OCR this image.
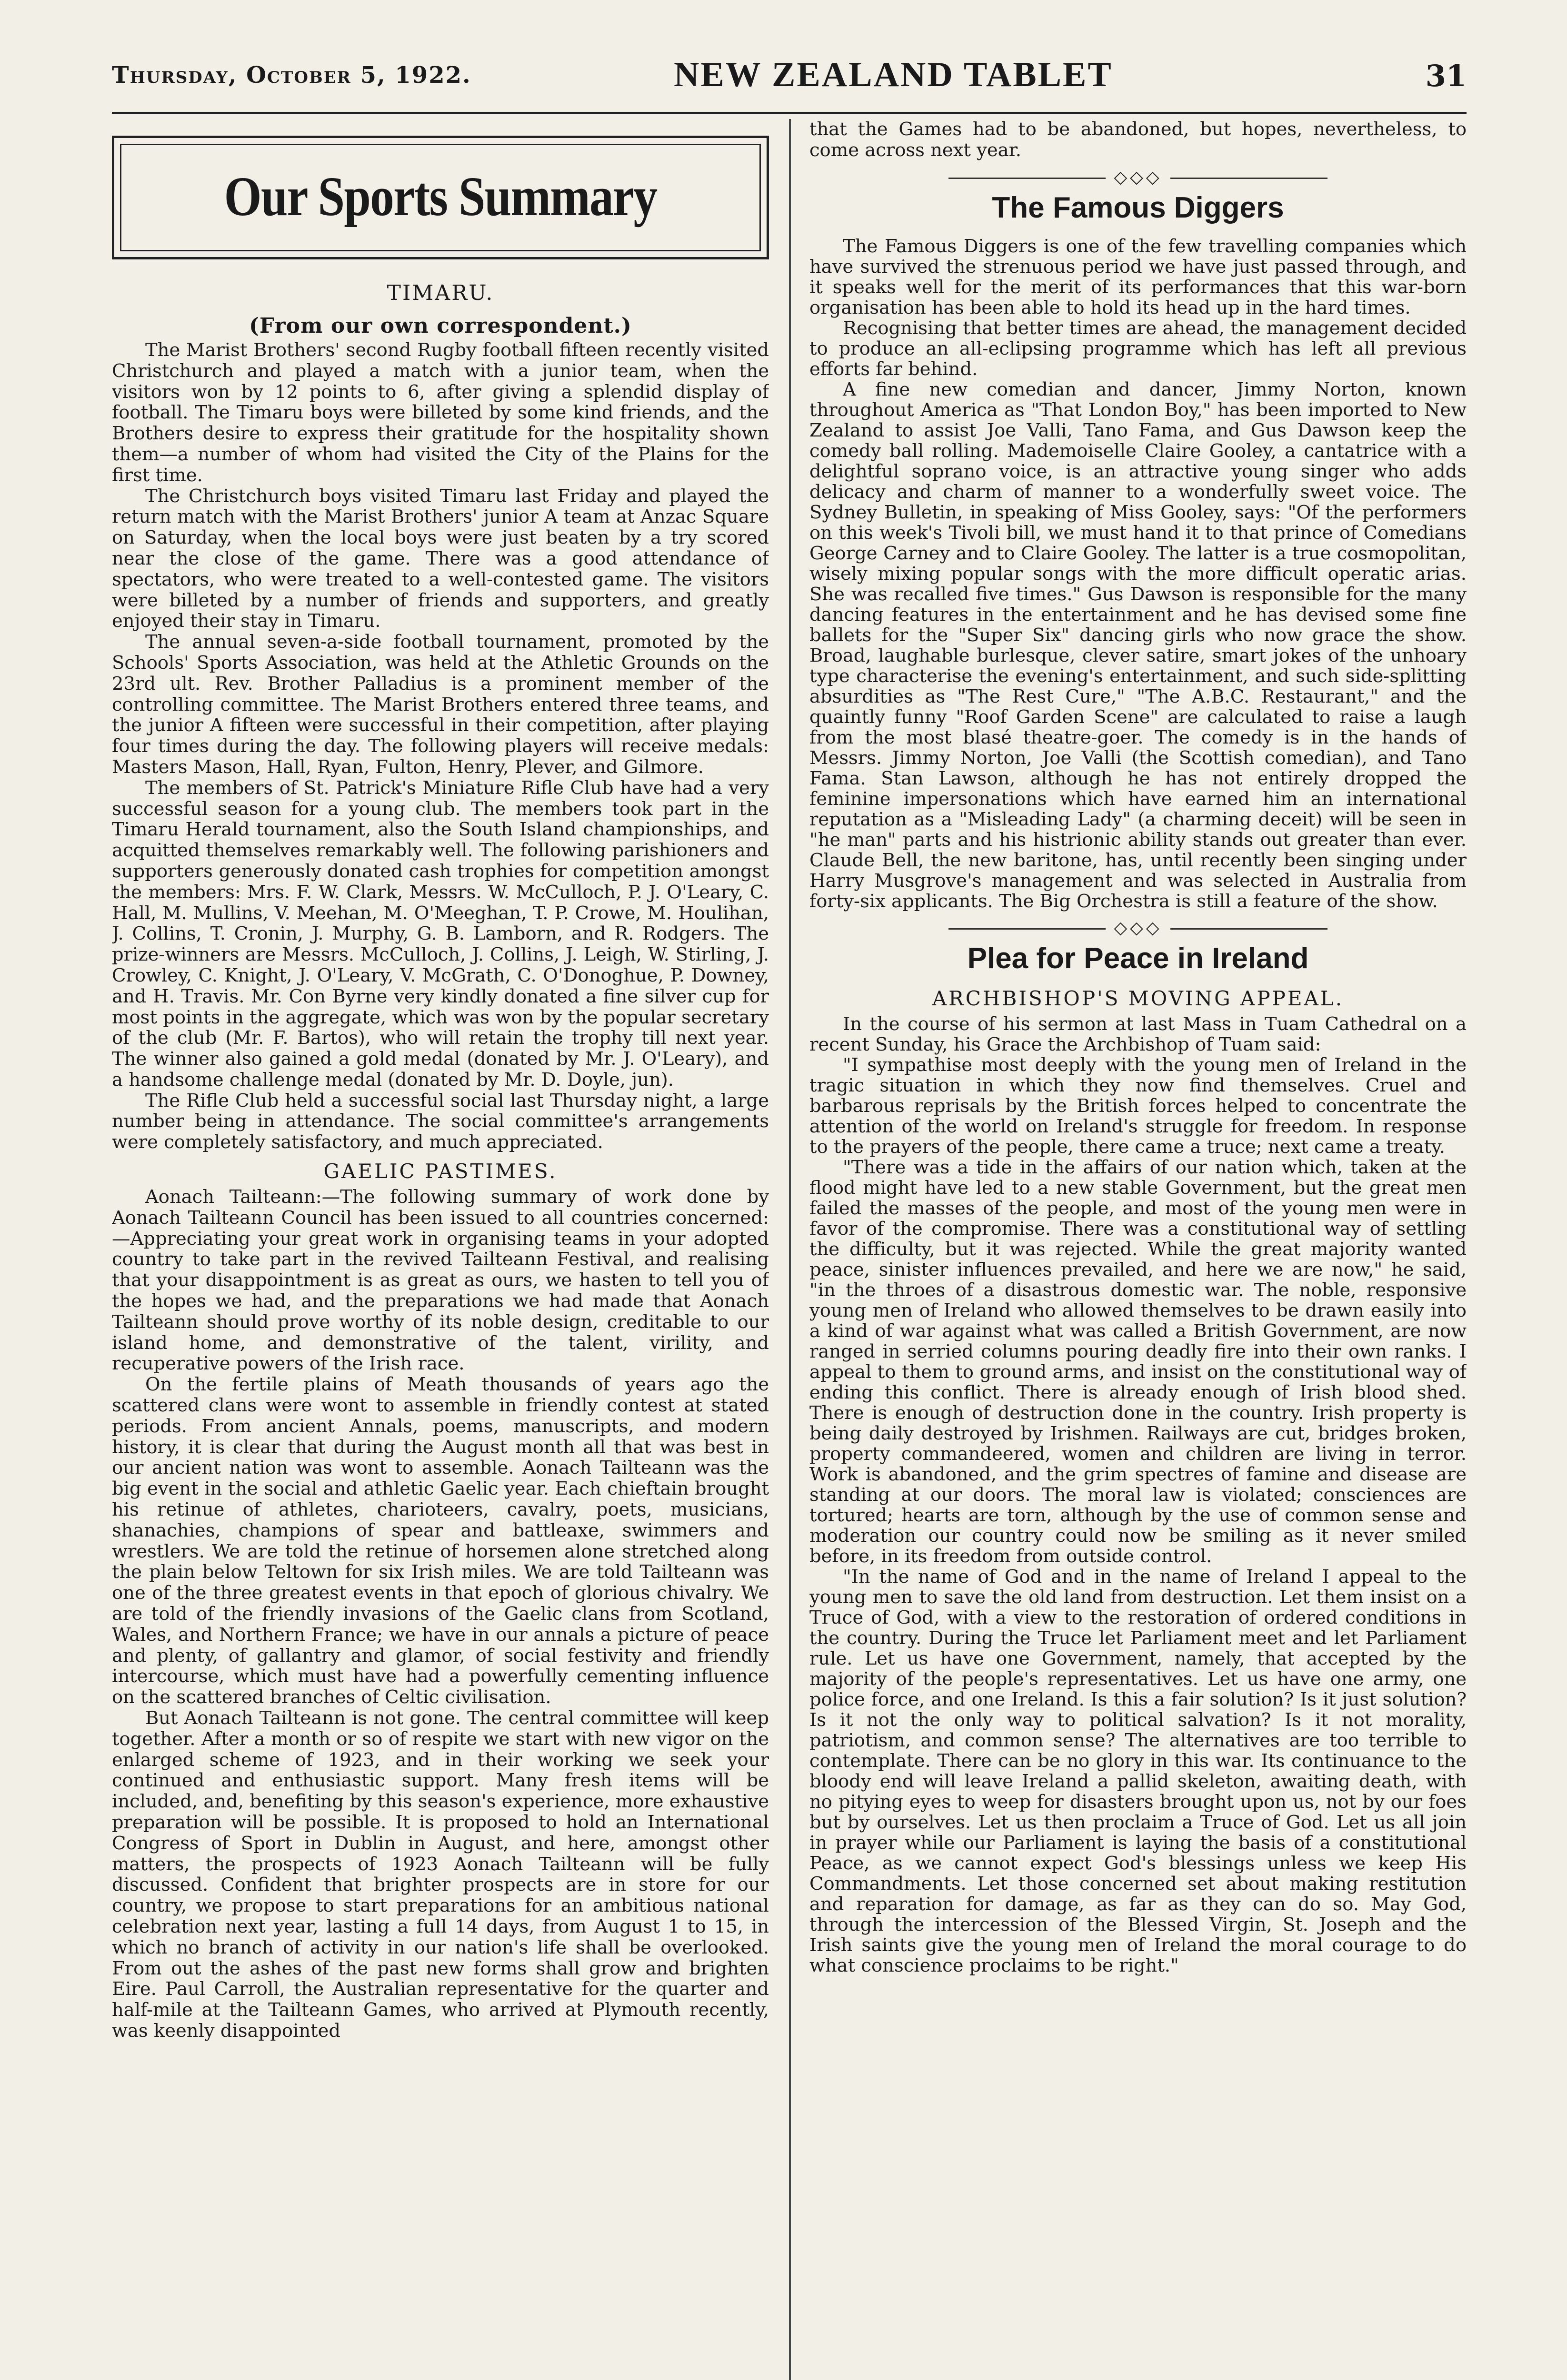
Thursday, October 5, 1922.	NEW ZEALAND TABLET	31
Our Sports Summary
TIMARU.
(From our own correspondent.)

The Marist Brothers' second Rugby football fifteen recently visited Christchurch and played a match with a junior team, when the visitors won by 12 points to 6, after giving a splendid display of football. The Timaru boys were billeted by some kind friends, and the Brothers desire to express their gratitude for the hospitality shown them—a number of whom had visited the City of the Plains for the first time.

The Christchurch boys visited Timaru last Friday and played the return match with the Marist Brothers' junior A team at Anzac Square on Saturday, when the local boys were just beaten by a try scored near the close of the game. There was a good attendance of spectators, who were treated to a well-contested game. The visitors were billeted by a number of friends and supporters, and greatly enjoyed their stay in Timaru.

The annual seven-a-side football tournament, promoted by the Schools' Sports Association, was held at the Athletic Grounds on the 23rd ult. Rev. Brother Palladius is a prominent member of the controlling committee. The Marist Brothers entered three teams, and the junior A fifteen were successful in their competition, after playing four times during the day. The following players will receive medals: Masters Mason, Hall, Ryan, Fulton, Henry, Plever, and Gilmore.

The members of St. Patrick's Miniature Rifle Club have had a very successful season for a young club. The members took part in the Timaru Herald tournament, also the South Island championships, and acquitted themselves remarkably well. The following parishioners and supporters generously donated cash trophies for competition amongst the members: Mrs. F. W. Clark, Messrs. W. McCulloch, P. J. O'Leary, C. Hall, M. Mullins, V. Meehan, M. O'Meeghan, T. P. Crowe, M. Houlihan, J. Collins, T. Cronin, J. Murphy, G. B. Lamborn, and R. Rodgers. The prize-winners are Messrs. McCulloch, J. Collins, J. Leigh, W. Stirling, J. Crowley, C. Knight, J. O'Leary, V. McGrath, C. O'Donoghue, P. Downey, and H. Travis. Mr. Con Byrne very kindly donated a fine silver cup for most points in the aggregate, which was won by the popular secretary of the club (Mr. F. Bartos), who will retain the trophy till next year. The winner also gained a gold medal (donated by Mr. J. O'Leary), and a handsome challenge medal (donated by Mr. D. Doyle, jun).

The Rifle Club held a successful social last Thursday night, a large number being in attendance. The social committee's arrangements were completely satisfactory, and much appreciated.

GAELIC PASTIMES.

Aonach Tailteann:—The following summary of work done by Aonach Tailteann Council has been issued to all countries concerned:—Appreciating your great work in organising teams in your adopted country to take part in the revived Tailteann Festival, and realising that your disappointment is as great as ours, we hasten to tell you of the hopes we had, and the preparations we had made that Aonach Tailteann should prove worthy of its noble design, creditable to our island home, and demonstrative of the talent, virility, and recuperative powers of the Irish race.

On the fertile plains of Meath thousands of years ago the scattered clans were wont to assemble in friendly contest at stated periods. From ancient Annals, poems, manuscripts, and modern history, it is clear that during the August month all that was best in our ancient nation was wont to assemble. Aonach Tailteann was the big event in the social and athletic Gaelic year. Each chieftain brought his retinue of athletes, charioteers, cavalry, poets, musicians, shanachies, champions of spear and battleaxe, swimmers and wrestlers. We are told the retinue of horsemen alone stretched along the plain below Teltown for six Irish miles. We are told Tailteann was one of the three greatest events in that epoch of glorious chivalry. We are told of the friendly invasions of the Gaelic clans from Scotland, Wales, and Northern France; we have in our annals a picture of peace and plenty, of gallantry and glamor, of social festivity and friendly intercourse, which must have had a powerfully cementing influence on the scattered branches of Celtic civilisation.

But Aonach Tailteann is not gone. The central committee will keep together. After a month or so of respite we start with new vigor on the enlarged scheme of 1923, and in their working we seek your continued and enthusiastic support. Many fresh items will be included, and, benefiting by this season's experience, more exhaustive preparation will be possible. It is proposed to hold an International Congress of Sport in Dublin in August, and here, amongst other matters, the prospects of 1923 Aonach Tailteann will be fully discussed. Confident that brighter prospects are in store for our country, we propose to start preparations for an ambitious national celebration next year, lasting a full 14 days, from August 1 to 15, in which no branch of activity in our nation's life shall be overlooked. From out the ashes of the past new forms shall grow and brighten Eire. Paul Carroll, the Australian representative for the quarter and half-mile at the Tailteann Games, who arrived at Plymouth recently, was keenly disappointed

that the Games had to be abandoned, but hopes, nevertheless, to come across next year.

◇◇◇
The Famous Diggers

The Famous Diggers is one of the few travelling companies which have survived the strenuous period we have just passed through, and it speaks well for the merit of its performances that this war-born organisation has been able to hold its head up in the hard times.

Recognising that better times are ahead, the management decided to produce an all-eclipsing programme which has left all previous efforts far behind.

A fine new comedian and dancer, Jimmy Norton, known throughout America as "That London Boy," has been imported to New Zealand to assist Joe Valli, Tano Fama, and Gus Dawson keep the comedy ball rolling. Mademoiselle Claire Gooley, a cantatrice with a delightful soprano voice, is an attractive young singer who adds delicacy and charm of manner to a wonderfully sweet voice. The Sydney Bulletin, in speaking of Miss Gooley, says: "Of the performers on this week's Tivoli bill, we must hand it to that prince of Comedians George Carney and to Claire Gooley. The latter is a true cosmopolitan, wisely mixing popular songs with the more difficult operatic arias. She was recalled five times." Gus Dawson is responsible for the many dancing features in the entertainment and he has devised some fine ballets for the "Super Six" dancing girls who now grace the show. Broad, laughable burlesque, clever satire, smart jokes of the unhoary type characterise the evening's entertainment, and such side-splitting absurdities as "The Rest Cure," "The A.B.C. Restaurant," and the quaintly funny "Roof Garden Scene" are calculated to raise a laugh from the most blasé theatre-goer. The comedy is in the hands of Messrs. Jimmy Norton, Joe Valli (the Scottish comedian), and Tano Fama. Stan Lawson, although he has not entirely dropped the feminine impersonations which have earned him an international reputation as a "Misleading Lady" (a charming deceit) will be seen in "he man" parts and his histrionic ability stands out greater than ever. Claude Bell, the new baritone, has, until recently been singing under Harry Musgrove's management and was selected in Australia from forty-six applicants. The Big Orchestra is still a feature of the show.

◇◇◇
Plea for Peace in Ireland
ARCHBISHOP'S MOVING APPEAL.

In the course of his sermon at last Mass in Tuam Cathedral on a recent Sunday, his Grace the Archbishop of Tuam said:

"I sympathise most deeply with the young men of Ireland in the tragic situation in which they now find themselves. Cruel and barbarous reprisals by the British forces helped to concentrate the attention of the world on Ireland's struggle for freedom. In response to the prayers of the people, there came a truce; next came a treaty.

"There was a tide in the affairs of our nation which, taken at the flood might have led to a new stable Government, but the great men failed the masses of the people, and most of the young men were in favor of the compromise. There was a constitutional way of settling the difficulty, but it was rejected. While the great majority wanted peace, sinister influences prevailed, and here we are now," he said, "in the throes of a disastrous domestic war. The noble, responsive young men of Ireland who allowed themselves to be drawn easily into a kind of war against what was called a British Government, are now ranged in serried columns pouring deadly fire into their own ranks. I appeal to them to ground arms, and insist on the constitutional way of ending this conflict. There is already enough of Irish blood shed. There is enough of destruction done in the country. Irish property is being daily destroyed by Irishmen. Railways are cut, bridges broken, property commandeered, women and children are living in terror. Work is abandoned, and the grim spectres of famine and disease are standing at our doors. The moral law is violated; consciences are tortured; hearts are torn, although by the use of common sense and moderation our country could now be smiling as it never smiled before, in its freedom from outside control.

"In the name of God and in the name of Ireland I appeal to the young men to save the old land from destruction. Let them insist on a Truce of God, with a view to the restoration of ordered conditions in the country. During the Truce let Parliament meet and let Parliament rule. Let us have one Government, namely, that accepted by the majority of the people's representatives. Let us have one army, one police force, and one Ireland. Is this a fair solution? Is it just solution? Is it not the only way to political salvation? Is it not morality, patriotism, and common sense? The alternatives are too terrible to contemplate. There can be no glory in this war. Its continuance to the bloody end will leave Ireland a pallid skeleton, awaiting death, with no pitying eyes to weep for disasters brought upon us, not by our foes but by ourselves. Let us then proclaim a Truce of God. Let us all join in prayer while our Parliament is laying the basis of a constitutional Peace, as we cannot expect God's blessings unless we keep His Commandments. Let those concerned set about making restitution and reparation for damage, as far as they can do so. May God, through the intercession of the Blessed Virgin, St. Joseph and the Irish saints give the young men of Ireland the moral courage to do what conscience proclaims to be right."
